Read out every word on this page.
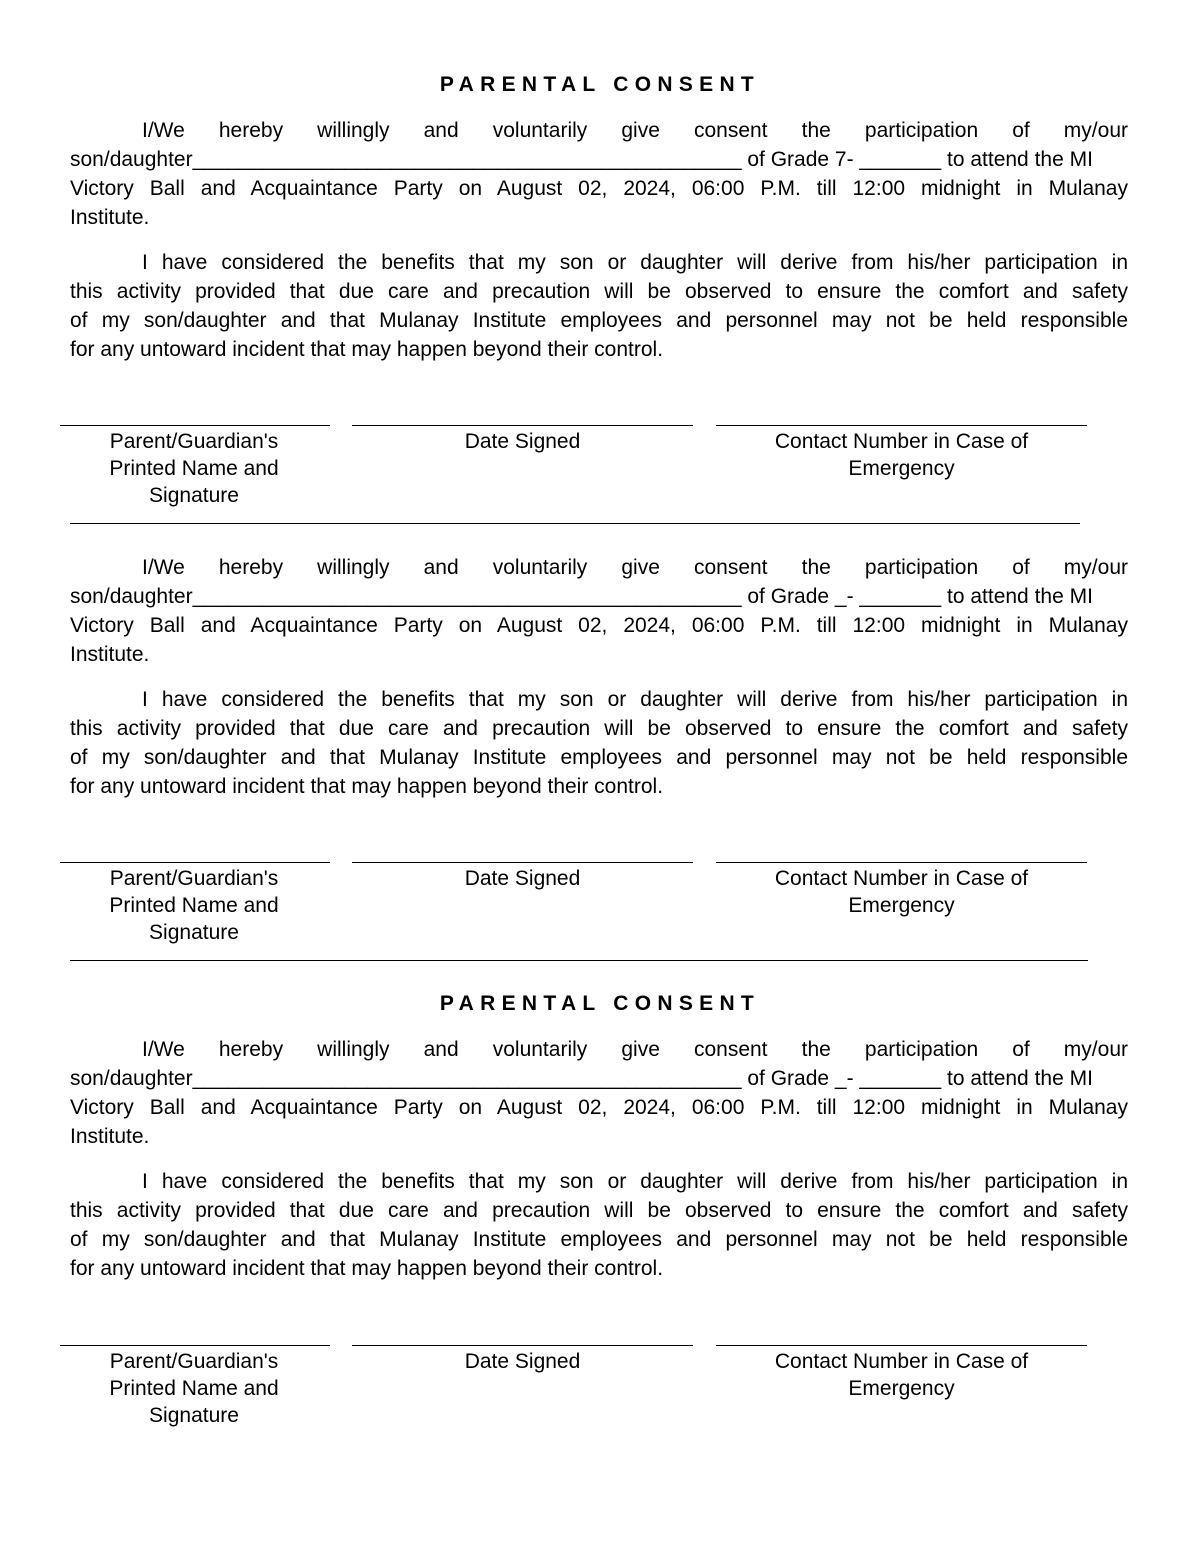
PARENTAL CONSENT
I/We hereby willingly and voluntarily give consent the participation of my/our
son/daughter_______________________________________________ of Grade 7- _______ to attend the MI
Victory Ball and Acquaintance Party on August 02, 2024, 06:00 P.M. till 12:00 midnight in Mulanay
Institute.
I have considered the benefits that my son or daughter will derive from his/her participation in
this activity provided that due care and precaution will be observed to ensure the comfort and safety
of my son/daughter and that Mulanay Institute employees and personnel may not be held responsible
for any untoward incident that may happen beyond their control.
Parent/Guardian's Printed Name and Signature
Date Signed	Contact Number in Case of Emergency
I/We hereby willingly and voluntarily give consent the participation of my/our
son/daughter_______________________________________________ of Grade _- _______ to attend the MI
Victory Ball and Acquaintance Party on August 02, 2024, 06:00 P.M. till 12:00 midnight in Mulanay
Institute.
I have considered the benefits that my son or daughter will derive from his/her participation in
this activity provided that due care and precaution will be observed to ensure the comfort and safety
of my son/daughter and that Mulanay Institute employees and personnel may not be held responsible
for any untoward incident that may happen beyond their control.
Parent/Guardian's Printed Name and Signature
Date Signed	Contact Number in Case of Emergency
PARENTAL CONSENT
I/We hereby willingly and voluntarily give consent the participation of my/our
son/daughter_______________________________________________ of Grade _- _______ to attend the MI
Victory Ball and Acquaintance Party on August 02, 2024, 06:00 P.M. till 12:00 midnight in Mulanay
Institute.
I have considered the benefits that my son or daughter will derive from his/her participation in
this activity provided that due care and precaution will be observed to ensure the comfort and safety
of my son/daughter and that Mulanay Institute employees and personnel may not be held responsible
for any untoward incident that may happen beyond their control.
Parent/Guardian's Printed Name and Signature
Date Signed	Contact Number in Case of Emergency
